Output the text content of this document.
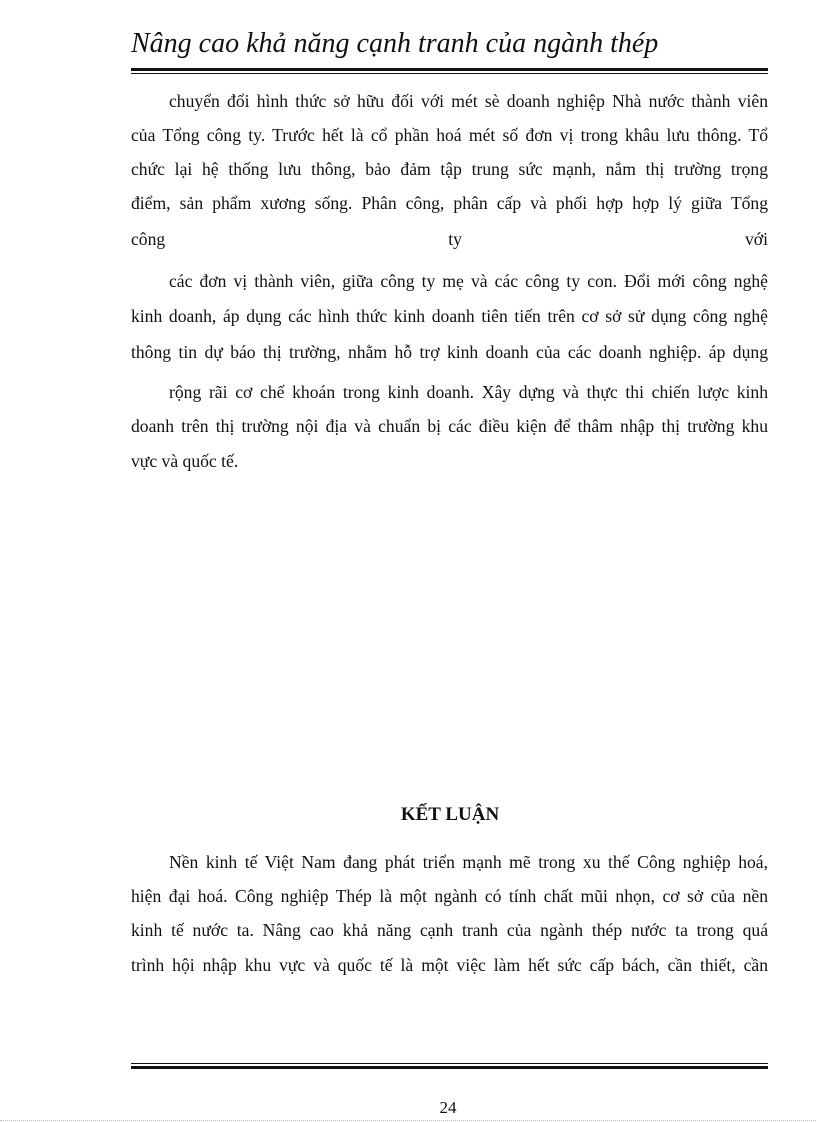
Nâng cao khả năng cạnh tranh của ngành thép
chuyển đổi hình thức sở hữu đối với mét sè doanh nghiệp Nhà nước thành viên
của Tổng công ty. Trước hết là cổ phần hoá mét số đơn vị trong khâu lưu thông. Tổ
chức lại hệ thống lưu thông, bảo đảm tập trung sức mạnh, nắm thị trường trọng
điểm, sản phẩm xương sống. Phân công, phân cấp và phối hợp hợp lý giữa Tổng
công	ty	với
các đơn vị thành viên, giữa công ty mẹ và các công ty con. Đổi mới công nghệ
kinh doanh, áp dụng các hình thức kinh doanh tiên tiến trên cơ sở sử dụng công nghệ
thông tin dự báo thị trường, nhằm hỗ trợ kinh doanh của các doanh nghiệp. áp dụng
rộng rãi cơ chế khoán trong kinh doanh. Xây dựng và thực thi chiến lược kinh
doanh trên thị trường nội địa và chuẩn bị các điều kiện để thâm nhập thị trường khu
vực và quốc tế.
KẾT LUẬN
Nền kinh tế Việt Nam đang phát triển mạnh mẽ trong xu thế Công nghiệp hoá,
hiện đại hoá. Công nghiệp Thép là một ngành có tính chất mũi nhọn, cơ sở của nền
kinh tế nước ta. Nâng cao khả năng cạnh tranh của ngành thép nước ta trong quá
trình hội nhập khu vực và quốc tế là một việc làm hết sức cấp bách, cần thiết, cần
24
